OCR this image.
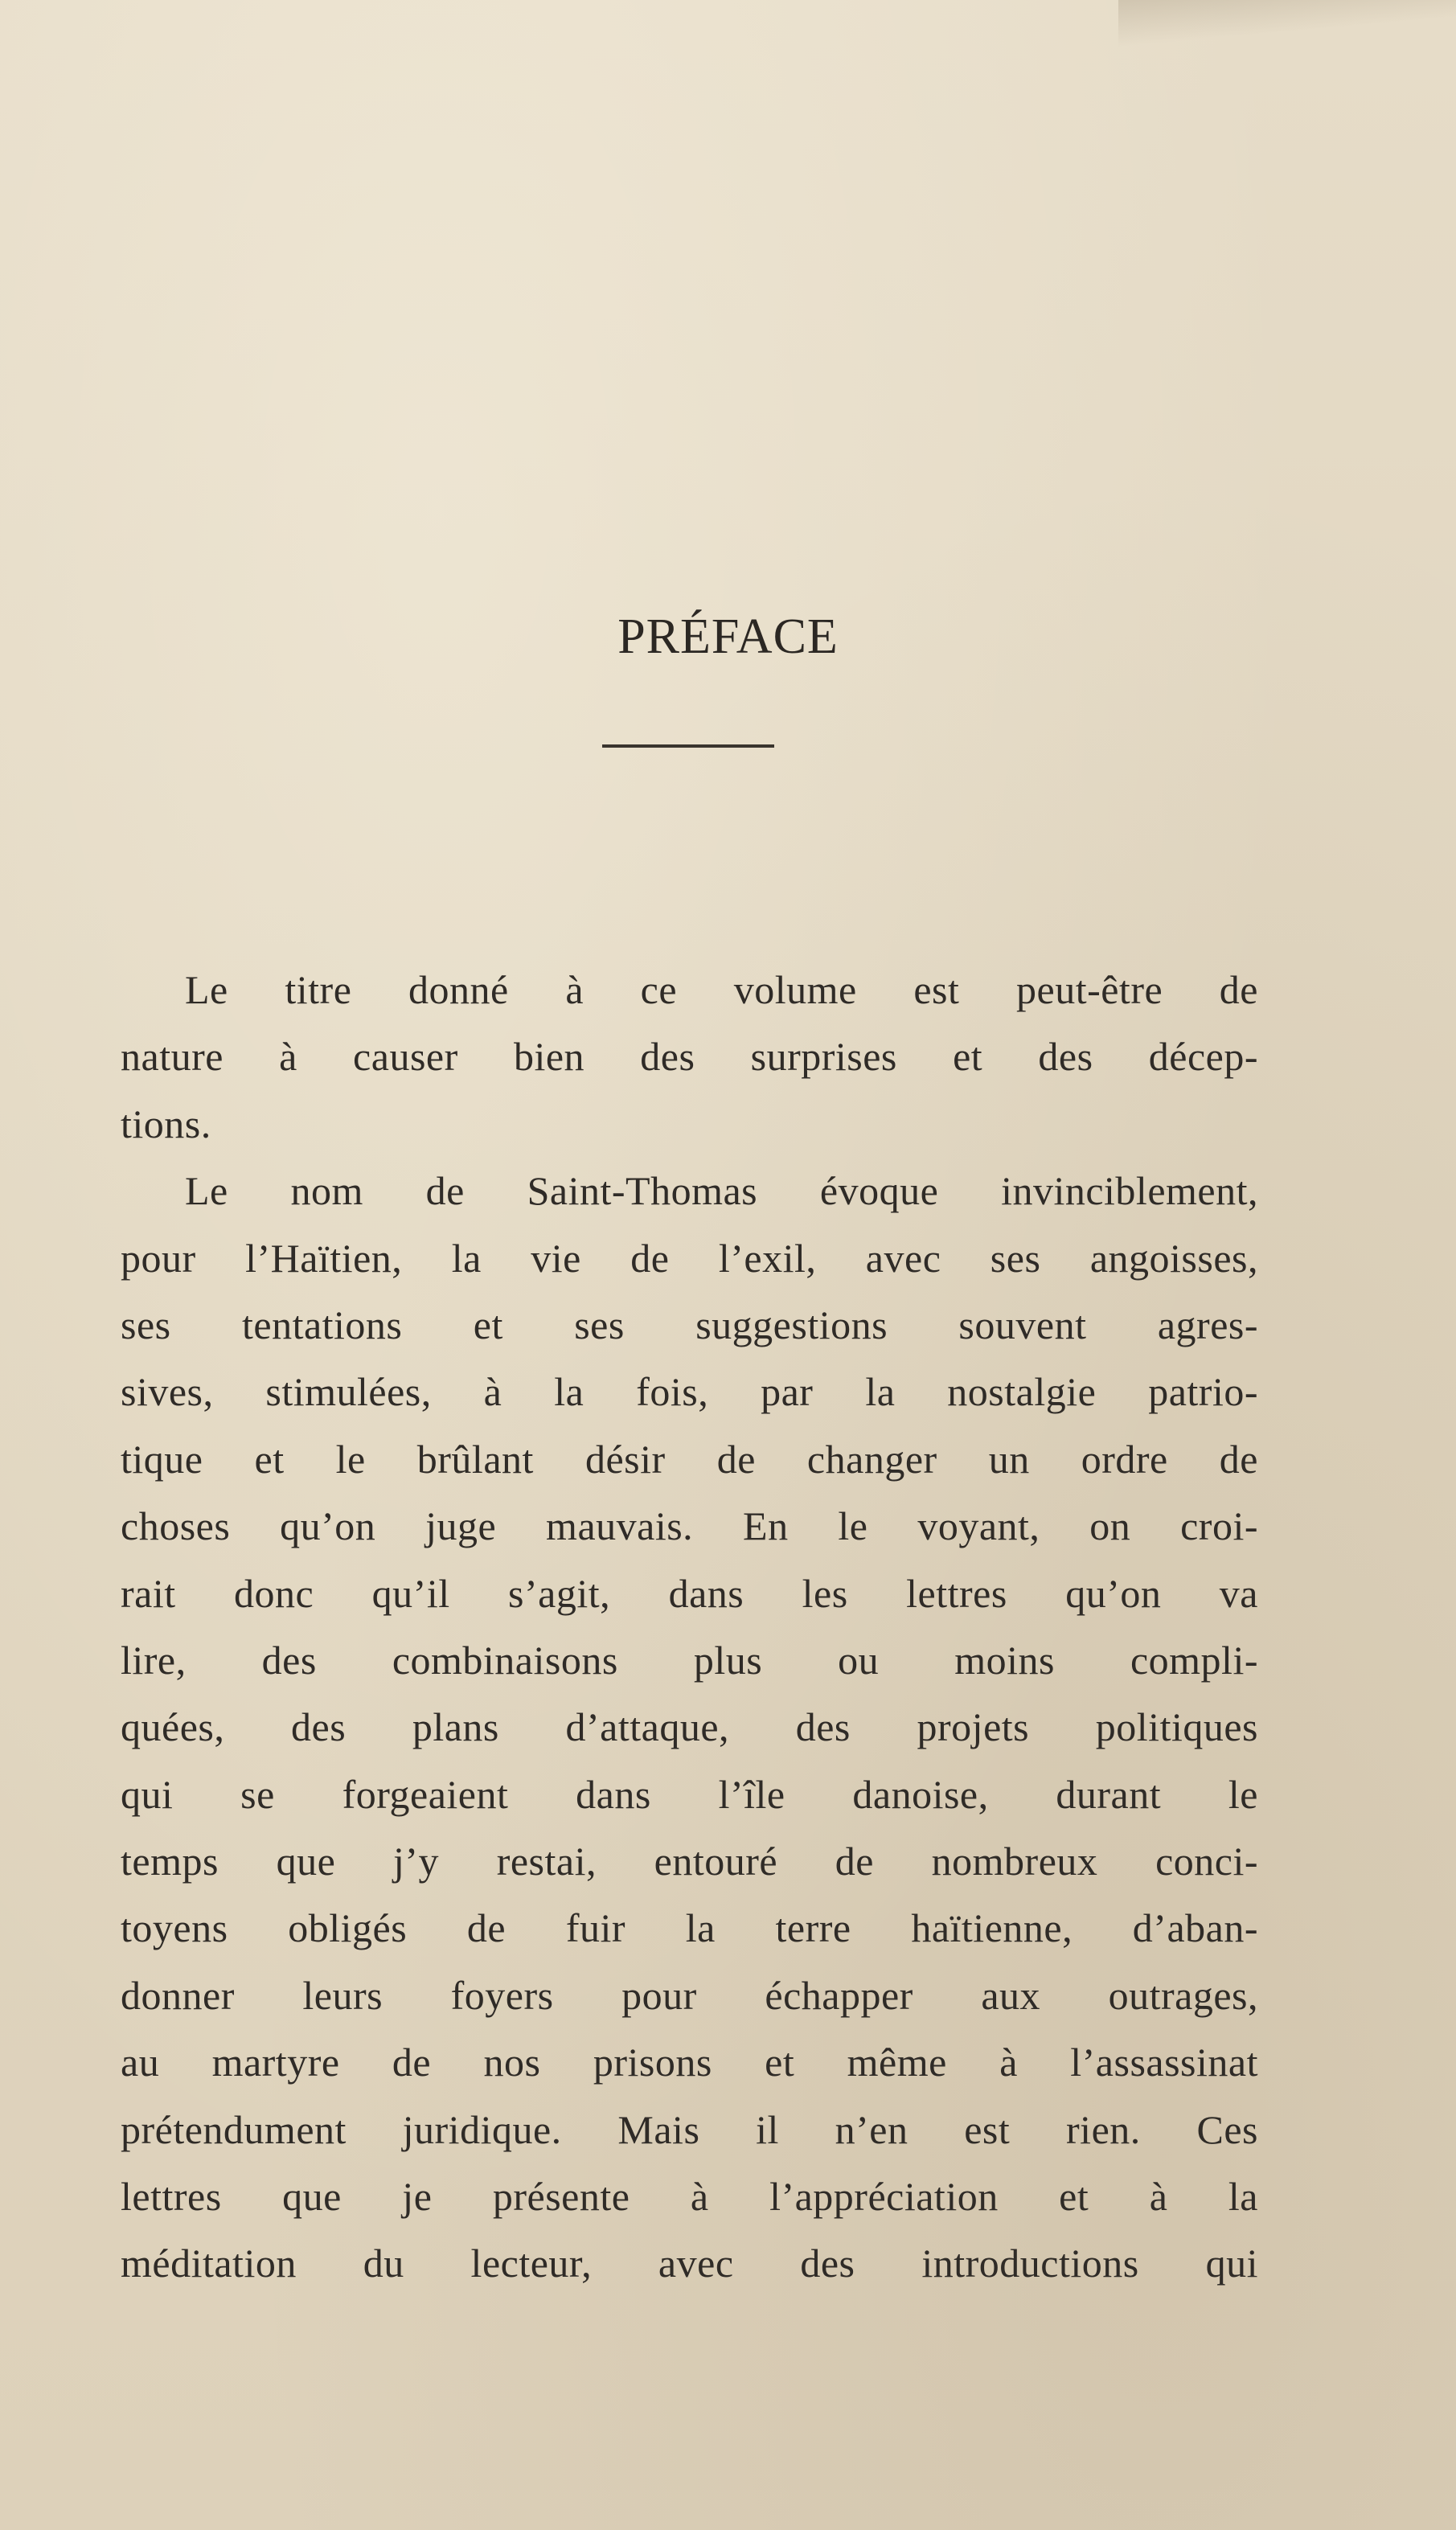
PRÉFACE
Le titre donné à ce volume est peut-être de
nature à causer bien des surprises et des décep-
tions.
Le nom de Saint-Thomas évoque invinciblement,
pour l’Haïtien, la vie de l’exil, avec ses angoisses,
ses tentations et ses suggestions souvent agres-
sives, stimulées, à la fois, par la nostalgie patrio-
tique et le brûlant désir de changer un ordre de
choses qu’on juge mauvais. En le voyant, on croi-
rait donc qu’il s’agit, dans les lettres qu’on va
lire, des combinaisons plus ou moins compli-
quées, des plans d’attaque, des projets politiques
qui se forgeaient dans l’île danoise, durant le
temps que j’y restai, entouré de nombreux conci-
toyens obligés de fuir la terre haïtienne, d’aban-
donner leurs foyers pour échapper aux outrages,
au martyre de nos prisons et même à l’assassinat
prétendument juridique. Mais il n’en est rien. Ces
lettres que je présente à l’appréciation et à la
méditation du lecteur, avec des introductions qui
